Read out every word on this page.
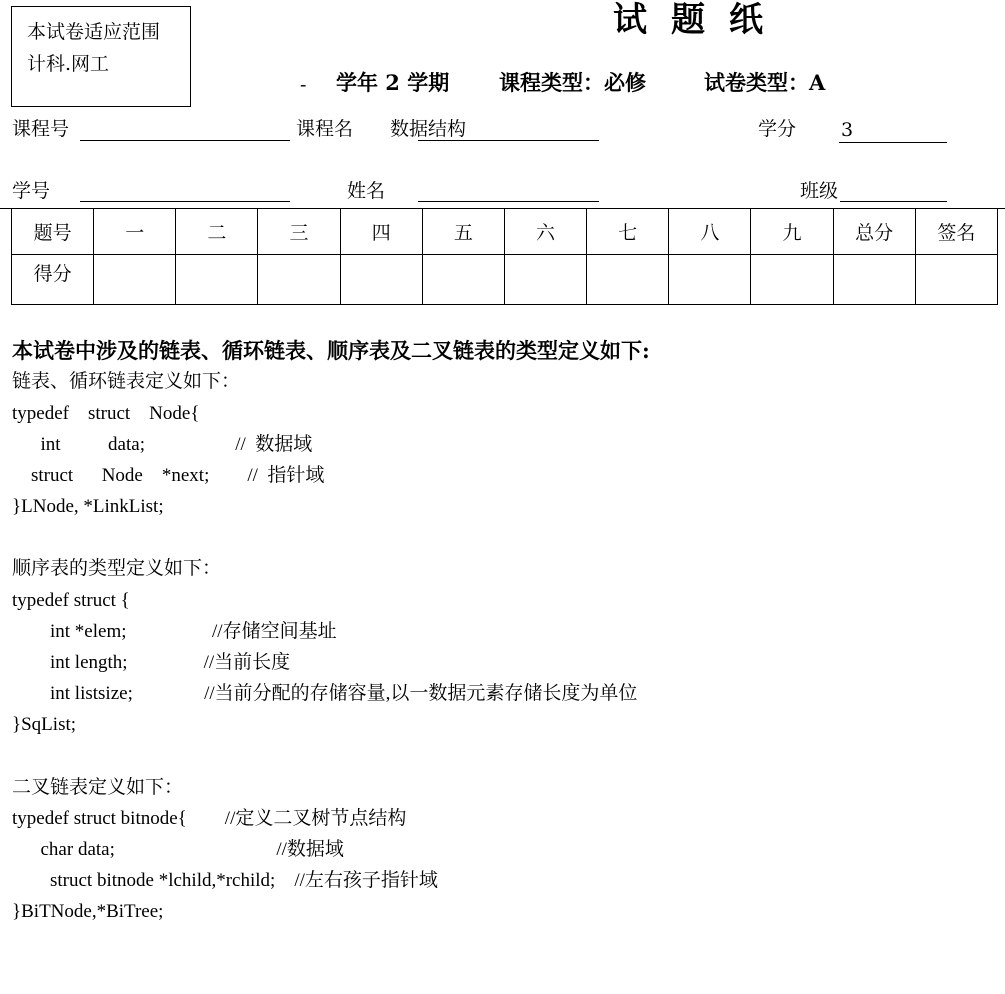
本试卷适应范围
计科.网工
试题纸
- 学年 2 学期 课程类型：必修	试卷类型：A
课程号	课程名 数据结构	学分 3
学号	姓名	班级
题号	一	二	三	四	五	六	七	八	九	总分	签名
得分											
本试卷中涉及的链表、循环链表、顺序表及二叉链表的类型定义如下:
链表、循环链表定义如下：
typedef    struct    Node{
int          data;                   //  数据域
struct      Node    *next;        //  指针域
}LNode, *LinkList;
顺序表的类型定义如下：
typedef struct {
int *elem;                  //存储空间基址
int length;                //当前长度
int listsize;               //当前分配的存储容量,以一数据元素存储长度为单位
}SqList;
二叉链表定义如下：
typedef struct bitnode{        //定义二叉树节点结构
char data;                                  //数据域
struct bitnode *lchild,*rchild;    //左右孩子指针域
}BiTNode,*BiTree;
